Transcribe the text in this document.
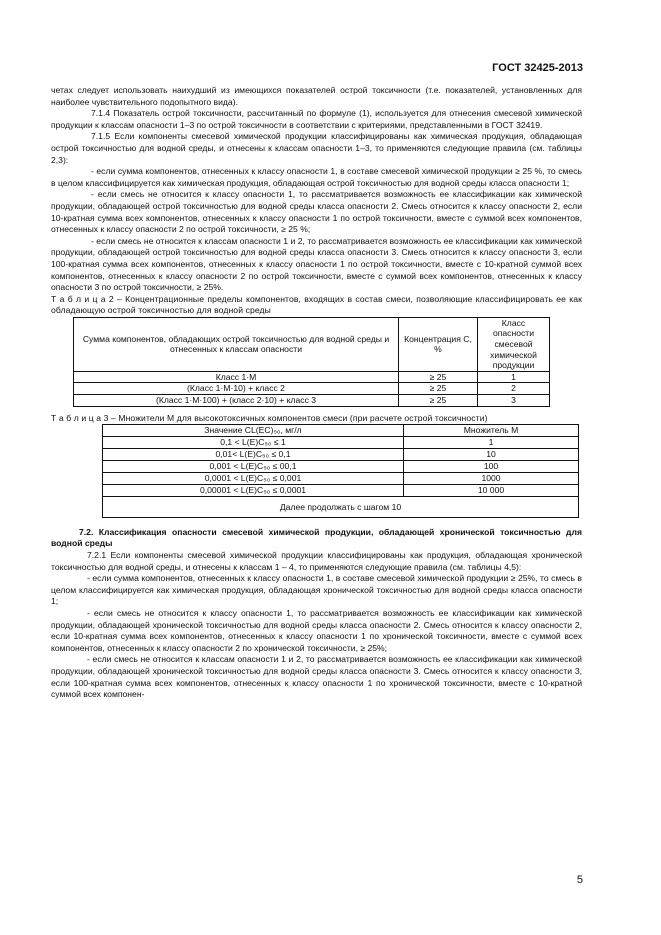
ГОСТ 32425-2013

четах следует использовать наихудший из имеющихся показателей острой токсичности (т.е. показателей, установленных для наиболее чувствительного подопытного вида).

7.1.4 Показатель острой токсичности, рассчитанный по формуле (1), используется для отнесения смесевой химической продукции к классам опасности 1–3 по острой токсичности в соответствии с критериями, представленными в ГОСТ 32419.

7.1.5 Если компоненты смесевой химической продукции классифицированы как химическая продукция, обладающая острой токсичностью для водной среды, и отнесены к классам опасности 1–3, то применяются следующие правила (см. таблицы 2,3):

- если сумма компонентов, отнесенных к классу опасности 1, в составе смесевой химической продукции ≥ 25 %, то смесь в целом классифицируется как химическая продукция, обладающая острой токсичностью для водной среды класса опасности 1;

- если смесь не относится к классу опасности 1, то рассматривается возможность ее классификации как химической продукции, обладающей острой токсичностью для водной среды класса опасности 2. Смесь относится к классу опасности 2, если 10-кратная сумма всех компонентов, отнесенных к классу опасности 1 по острой токсичности, вместе с суммой всех компонентов, отнесенных к классу опасности 2 по острой токсичности, ≥ 25 %;

- если смесь не относится к классам опасности 1 и 2, то рассматривается возможность ее классификации как химической продукции, обладающей острой токсичностью для водной среды класса опасности 3. Смесь относится к классу опасности 3, если 100-кратная сумма всех компонентов, отнесенных к классу опасности 1 по острой токсичности, вместе с 10-кратной суммой всех компонентов, отнесенных к классу опасности 2 по острой токсичности, вместе с суммой всех компонентов, отнесенных к классу опасности 3 по острой токсичности, ≥ 25%.

Т а б л и ц а 2 – Концентрационные пределы компонентов, входящих в состав смеси, позволяющие классифицировать ее как обладающую острой токсичностью для водной среды

Сумма компонентов, обладающих острой токсичностью для водной среды и отнесенных к классам опасности	Концентрация C, %	Класс опасности смесевой химической продукции
Класс 1·M	≥ 25	1
(Класс 1·M·10) + класс 2	≥ 25	2
(Класс 1·M·100) + (класс 2·10) + класс 3	≥ 25	3

Т а б л и ц а 3 – Множители M для высокотоксичных компонентов смеси (при расчете острой токсичности)

Значение CL(EC)₅₀, мг/л	Множитель M
0,1 < L(E)C₅₀ ≤ 1	1
0,01< L(E)C₅₀ ≤ 0,1	10
0,001 < L(E)C₅₀ ≤ 00,1	100
0,0001 < L(E)C₅₀ ≤ 0,001	1000
0,00001 < L(E)C₅₀ ≤ 0,0001	10 000
Далее продолжать с шагом 10	

7.2. Классификация опасности смесевой химической продукции, обладающей хронической токсичностью для водной среды

7.2.1 Если компоненты смесевой химической продукции классифицированы как продукция, обладающая хронической токсичностью для водной среды, и отнесены к классам 1 – 4, то применяются следующие правила (см. таблицы 4,5):

- если сумма компонентов, отнесенных к классу опасности 1, в составе смесевой химической продукции ≥ 25%, то смесь в целом классифицируется как химическая продукция, обладающая хронической токсичностью для водной среды класса опасности 1;

- если смесь не относится к классу опасности 1, то рассматривается возможность ее классификации как химической продукции, обладающей хронической токсичностью для водной среды класса опасности 2. Смесь относится к классу опасности 2, если 10-кратная сумма всех компонентов, отнесенных к классу опасности 1 по хронической токсичности, вместе с суммой всех компонентов, отнесенных к классу опасности 2 по хронической токсичности, ≥ 25%;

- если смесь не относится к классам опасности 1 и 2, то рассматривается возможность ее классификации как химической продукции, обладающей хронической токсичностью для водной среды класса опасности 3. Смесь относится к классу опасности 3, если 100-кратная сумма всех компонентов, отнесенных к классу опасности 1 по хронической токсичности, вместе с 10-кратной суммой всех компонен-

5
